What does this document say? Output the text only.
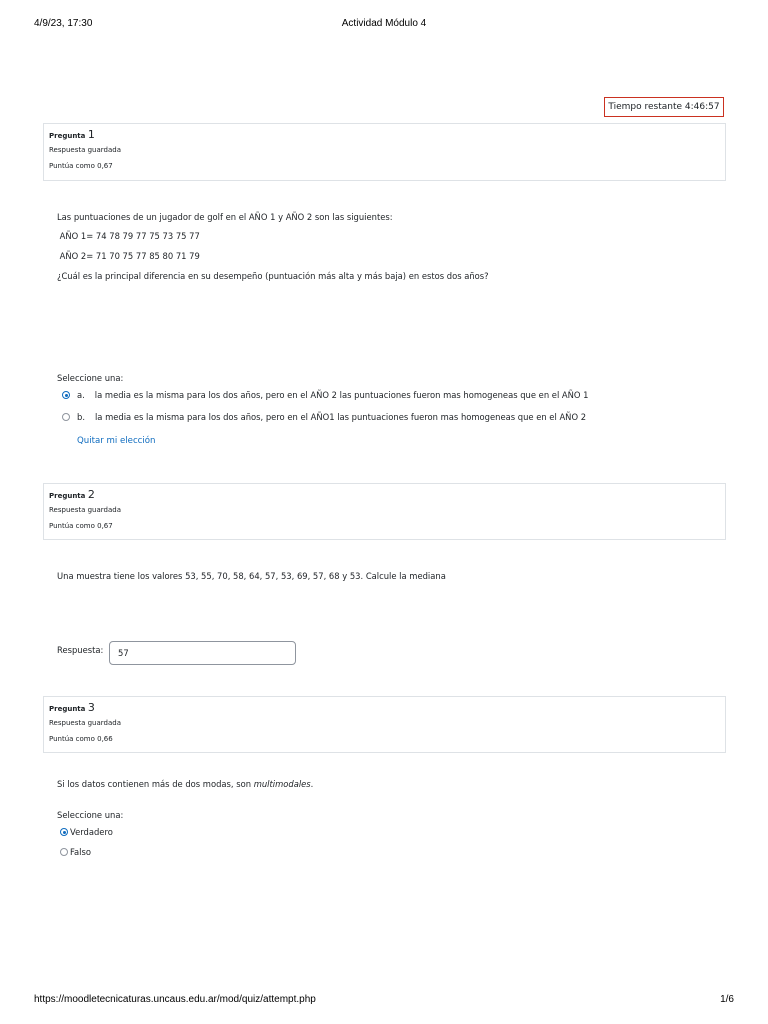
4/9/23, 17:30	Actividad Módulo 4
Tiempo restante 4:46:57
Pregunta 1
Respuesta guardada
Puntúa como 0,67
Las puntuaciones de un jugador de golf en el AÑO 1 y AÑO 2 son las siguientes:
AÑO 1= 74 78 79 77 75 73 75 77
AÑO 2= 71 70 75 77 85 80 71 79
¿Cuál es la principal diferencia en su desempeño (puntuación más alta y más baja) en estos dos años?
Seleccione una:
a. la media es la misma para los dos años, pero en el AÑO 2 las puntuaciones fueron mas homogeneas que en el AÑO 1
b. la media es la misma para los dos años, pero en el AÑO1 las puntuaciones fueron mas homogeneas que en el AÑO 2
Quitar mi elección
Pregunta 2
Respuesta guardada
Puntúa como 0,67
Una muestra tiene los valores 53, 55, 70, 58, 64, 57, 53, 69, 57, 68 y 53. Calcule la mediana
Respuesta:
57
Pregunta 3
Respuesta guardada
Puntúa como 0,66
Si los datos contienen más de dos modas, son multimodales.
Seleccione una:
Verdadero
Falso
https://moodletecnicaturas.uncaus.edu.ar/mod/quiz/attempt.php	1/6
